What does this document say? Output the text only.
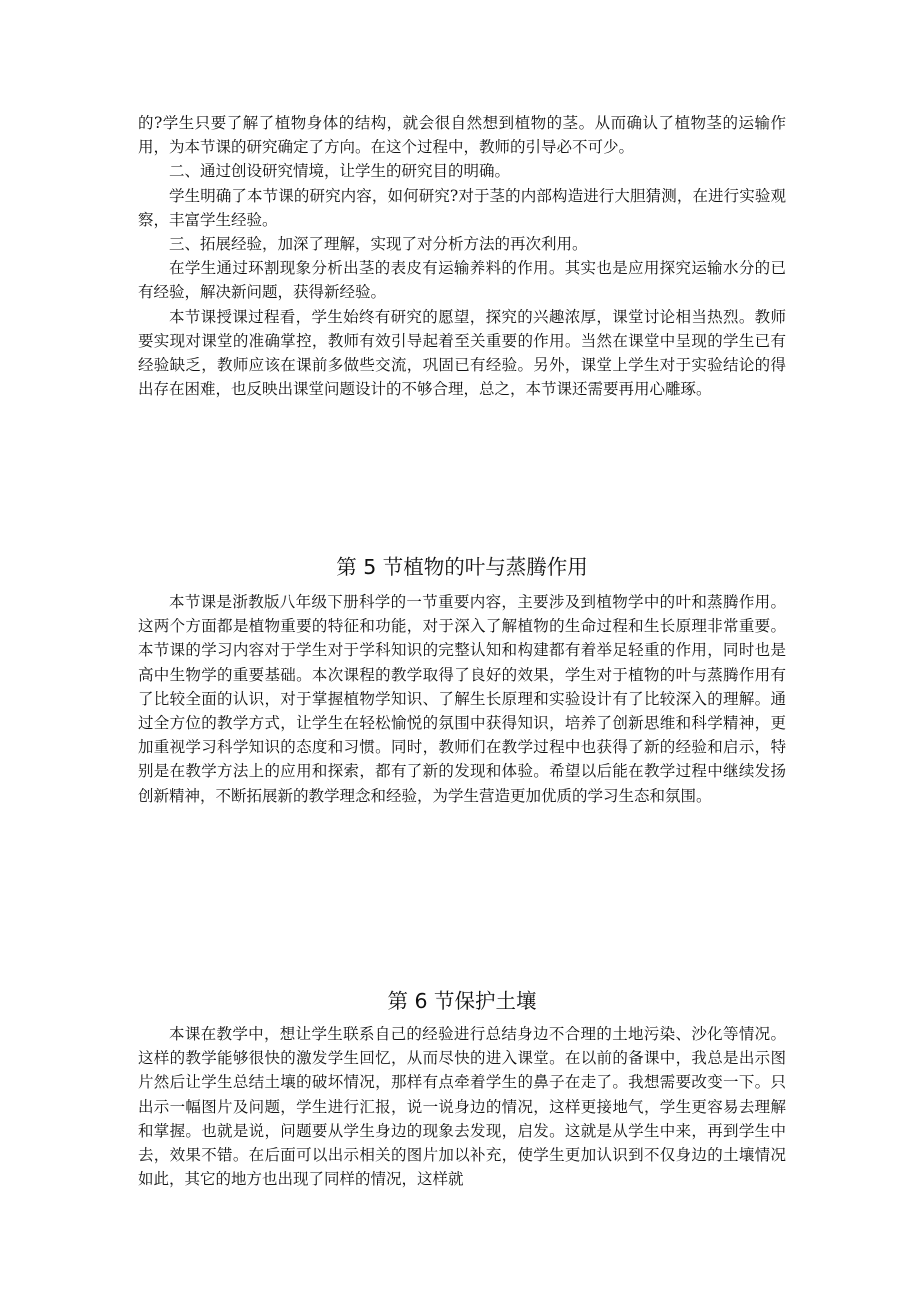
的?学生只要了解了植物身体的结构，就会很自然想到植物的茎。从而确认了植物茎的运输作用，为本节课的研究确定了方向。在这个过程中，教师的引导必不可少。

二、通过创设研究情境，让学生的研究目的明确。

学生明确了本节课的研究内容，如何研究?对于茎的内部构造进行大胆猜测，在进行实验观察，丰富学生经验。

三、拓展经验，加深了理解，实现了对分析方法的再次利用。

在学生通过环割现象分析出茎的表皮有运输养料的作用。其实也是应用探究运输水分的已有经验，解决新问题，获得新经验。

本节课授课过程看，学生始终有研究的愿望，探究的兴趣浓厚，课堂讨论相当热烈。教师要实现对课堂的准确掌控，教师有效引导起着至关重要的作用。当然在课堂中呈现的学生已有经验缺乏，教师应该在课前多做些交流，巩固已有经验。另外，课堂上学生对于实验结论的得出存在困难，也反映出课堂问题设计的不够合理，总之，本节课还需要再用心雕琢。

第 5 节植物的叶与蒸腾作用

本节课是浙教版八年级下册科学的一节重要内容，主要涉及到植物学中的叶和蒸腾作用。这两个方面都是植物重要的特征和功能，对于深入了解植物的生命过程和生长原理非常重要。本节课的学习内容对于学生对于学科知识的完整认知和构建都有着举足轻重的作用，同时也是高中生物学的重要基础。本次课程的教学取得了良好的效果，学生对于植物的叶与蒸腾作用有了比较全面的认识，对于掌握植物学知识、了解生长原理和实验设计有了比较深入的理解。通过全方位的教学方式，让学生在轻松愉悦的氛围中获得知识，培养了创新思维和科学精神，更加重视学习科学知识的态度和习惯。同时，教师们在教学过程中也获得了新的经验和启示，特别是在教学方法上的应用和探索，都有了新的发现和体验。希望以后能在教学过程中继续发扬创新精神，不断拓展新的教学理念和经验，为学生营造更加优质的学习生态和氛围。

第 6 节保护土壤

本课在教学中，想让学生联系自己的经验进行总结身边不合理的土地污染、沙化等情况。这样的教学能够很快的激发学生回忆，从而尽快的进入课堂。在以前的备课中，我总是出示图片然后让学生总结土壤的破坏情况，那样有点牵着学生的鼻子在走了。我想需要改变一下。只出示一幅图片及问题，学生进行汇报，说一说身边的情况，这样更接地气，学生更容易去理解和掌握。也就是说，问题要从学生身边的现象去发现，启发。这就是从学生中来，再到学生中去，效果不错。在后面可以出示相关的图片加以补充，使学生更加认识到不仅身边的土壤情况如此，其它的地方也出现了同样的情况，这样就
